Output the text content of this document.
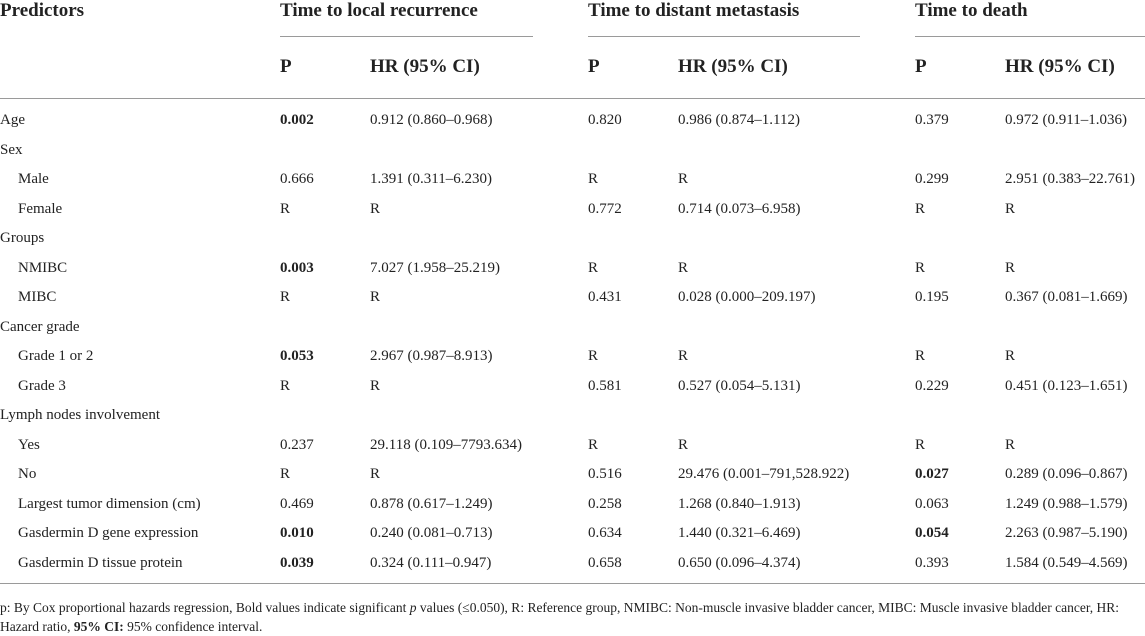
Predictors	Time to local recurrence	Time to distant metastasis	Time to death
P	HR (95% CI)	P	HR (95% CI)	P	HR (95% CI)
Age	0.002	0.912 (0.860–0.968)	0.820	0.986 (0.874–1.112)	0.379	0.972 (0.911–1.036)
Sex
Male	0.666	1.391 (0.311–6.230)	R	R	0.299	2.951 (0.383–22.761)
Female	R	R	0.772	0.714 (0.073–6.958)	R	R
Groups
NMIBC	0.003	7.027 (1.958–25.219)	R	R	R	R
MIBC	R	R	0.431	0.028 (0.000–209.197)	0.195	0.367 (0.081–1.669)
Cancer grade
Grade 1 or 2	0.053	2.967 (0.987–8.913)	R	R	R	R
Grade 3	R	R	0.581	0.527 (0.054–5.131)	0.229	0.451 (0.123–1.651)
Lymph nodes involvement
Yes	0.237	29.118 (0.109–7793.634)	R	R	R	R
No	R	R	0.516	29.476 (0.001–791,528.922)	0.027	0.289 (0.096–0.867)
Largest tumor dimension (cm)	0.469	0.878 (0.617–1.249)	0.258	1.268 (0.840–1.913)	0.063	1.249 (0.988–1.579)
Gasdermin D gene expression	0.010	0.240 (0.081–0.713)	0.634	1.440 (0.321–6.469)	0.054	2.263 (0.987–5.190)
Gasdermin D tissue protein	0.039	0.324 (0.111–0.947)	0.658	0.650 (0.096–4.374)	0.393	1.584 (0.549–4.569)
p: By Cox proportional hazards regression, Bold values indicate significant p values (≤0.050), R: Reference group, NMIBC: Non-muscle invasive bladder cancer, MIBC: Muscle invasive bladder cancer, HR: Hazard ratio, 95% CI: 95% confidence interval.
